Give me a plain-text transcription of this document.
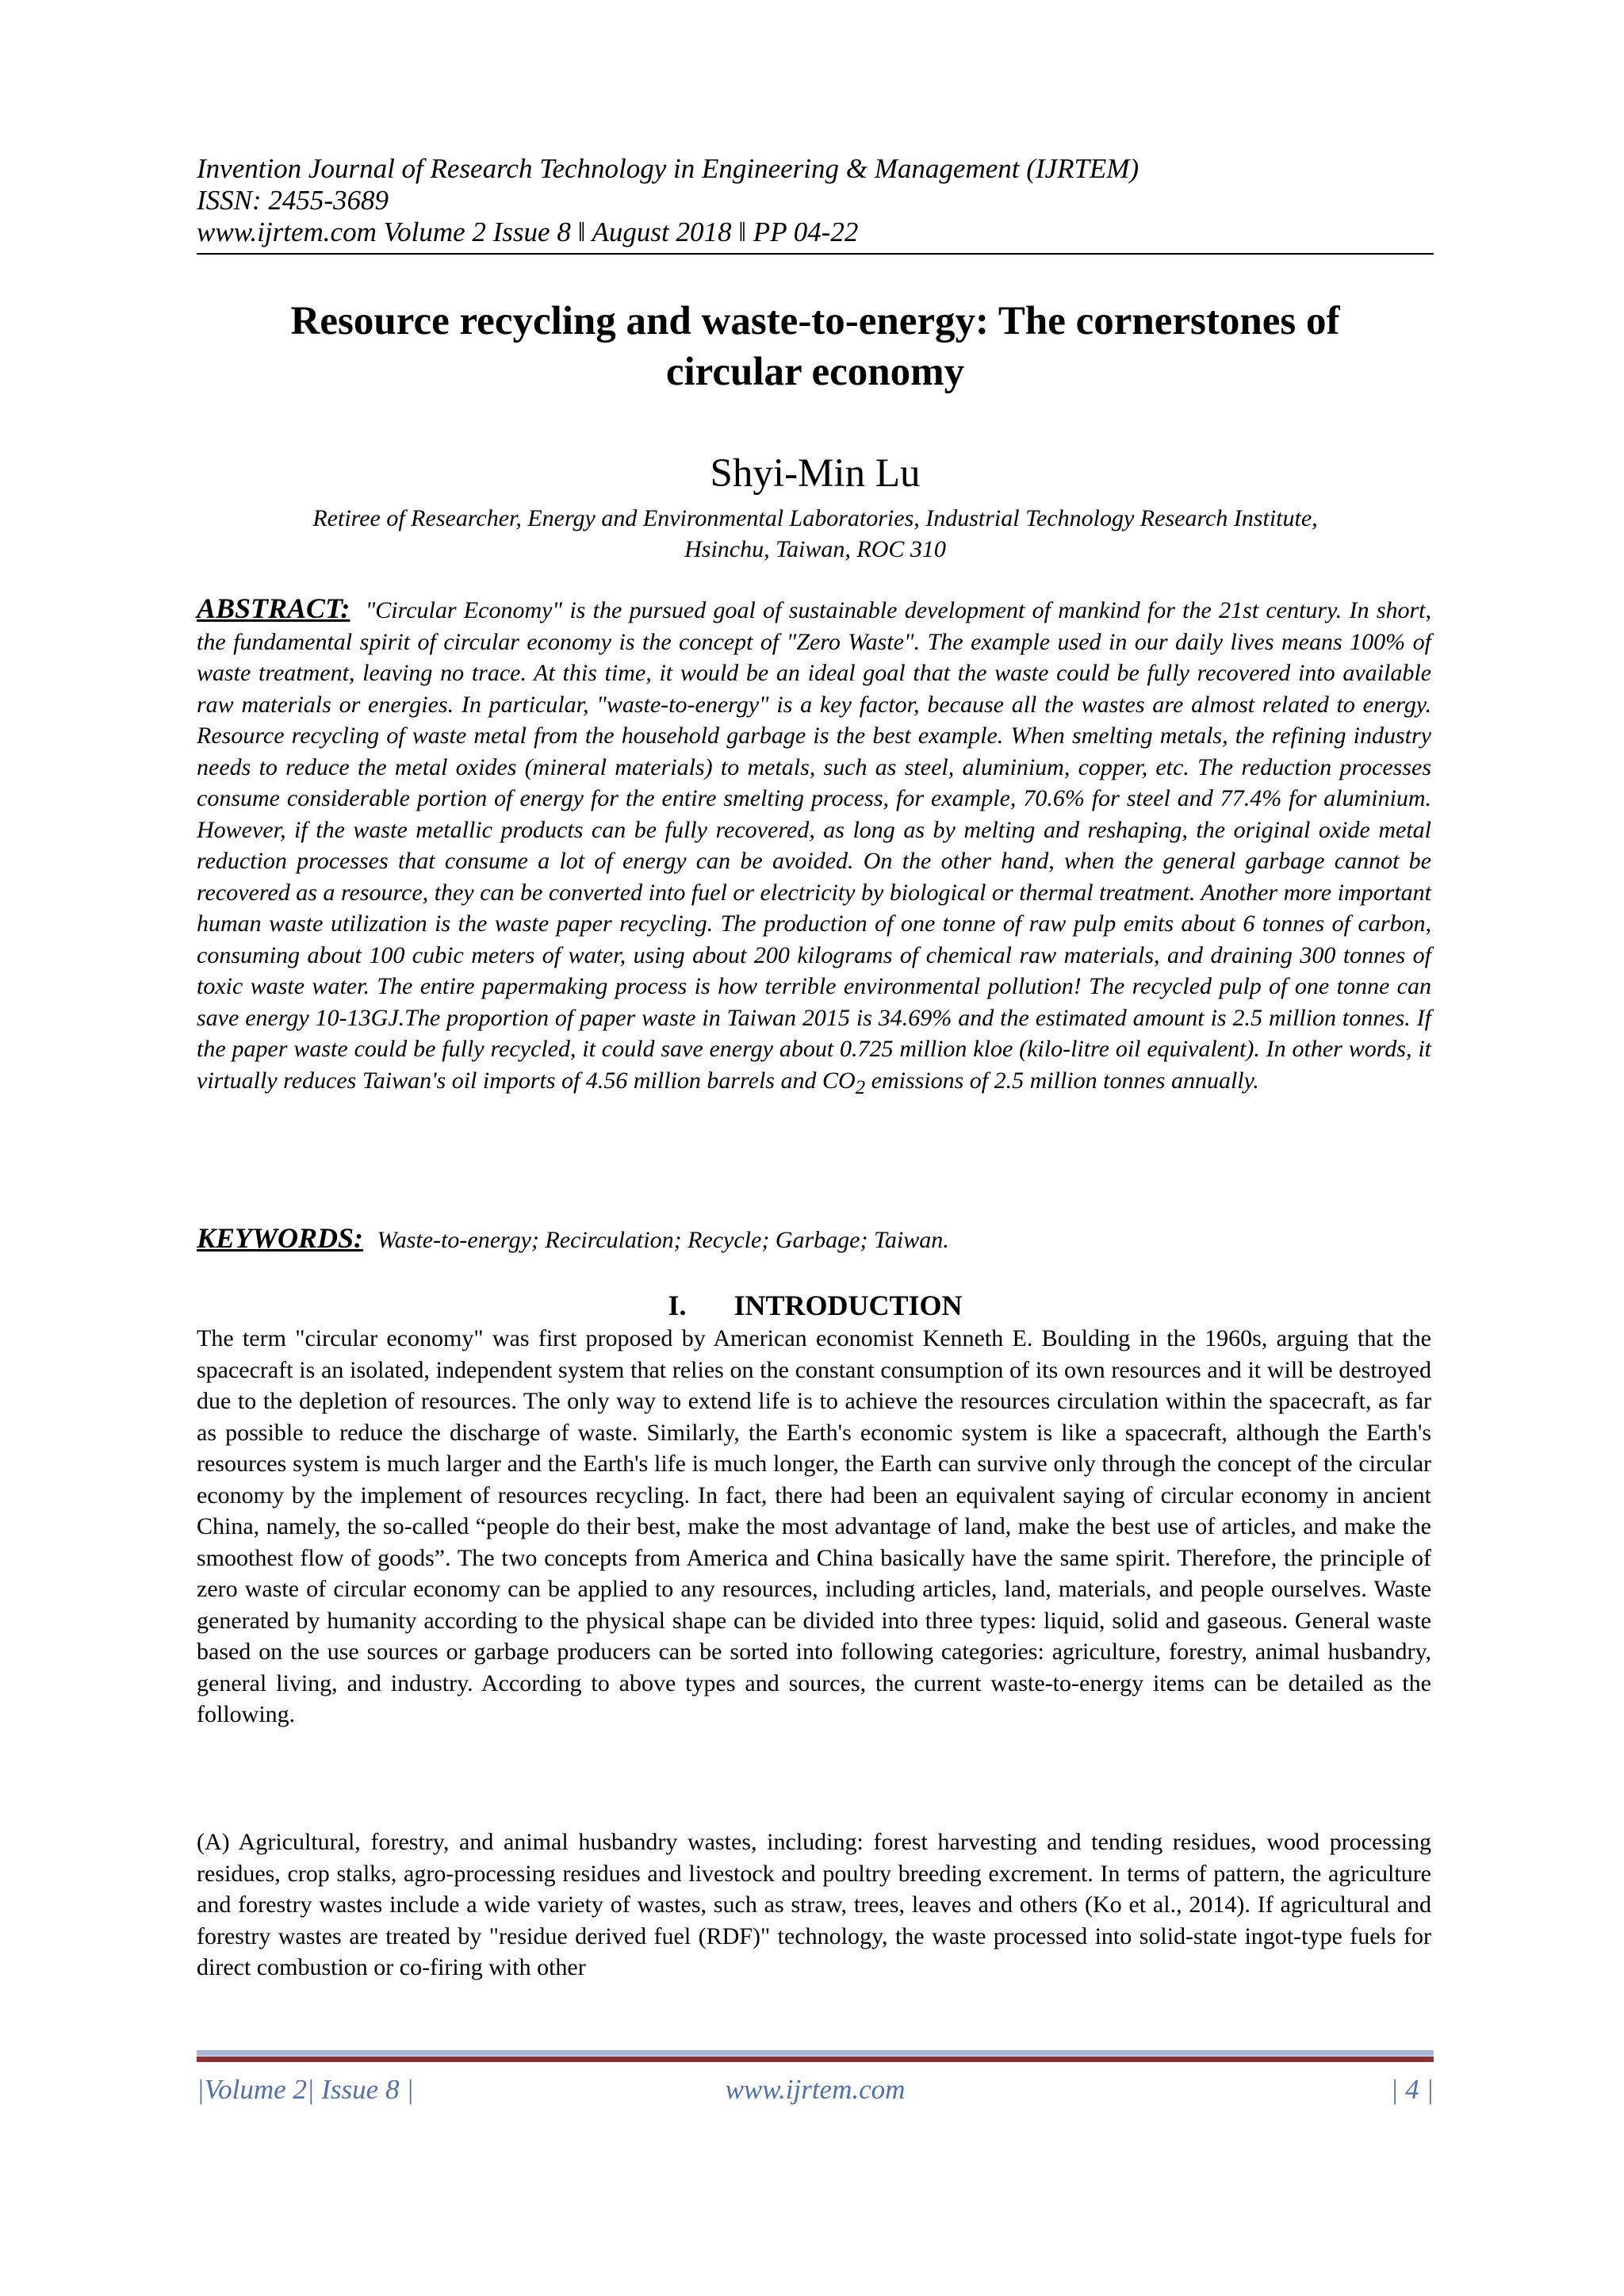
Invention Journal of Research Technology in Engineering & Management (IJRTEM)
ISSN: 2455-3689
www.ijrtem.com Volume 2 Issue 8 ǁ August 2018 ǁ PP 04-22
Resource recycling and waste-to-energy: The cornerstones of
circular economy
Shyi-Min Lu
Retiree of Researcher, Energy and Environmental Laboratories, Industrial Technology Research Institute,
Hsinchu, Taiwan, ROC 310
ABSTRACT: "Circular Economy" is the pursued goal of sustainable development of mankind for the 21st century. In short, the fundamental spirit of circular economy is the concept of "Zero Waste". The example used in our daily lives means 100% of waste treatment, leaving no trace. At this time, it would be an ideal goal that the waste could be fully recovered into available raw materials or energies. In particular, "waste-to-energy" is a key factor, because all the wastes are almost related to energy. Resource recycling of waste metal from the household garbage is the best example. When smelting metals, the refining industry needs to reduce the metal oxides (mineral materials) to metals, such as steel, aluminium, copper, etc. The reduction processes consume considerable portion of energy for the entire smelting process, for example, 70.6% for steel and 77.4% for aluminium. However, if the waste metallic products can be fully recovered, as long as by melting and reshaping, the original oxide metal reduction processes that consume a lot of energy can be avoided. On the other hand, when the general garbage cannot be recovered as a resource, they can be converted into fuel or electricity by biological or thermal treatment. Another more important human waste utilization is the waste paper recycling. The production of one tonne of raw pulp emits about 6 tonnes of carbon, consuming about 100 cubic meters of water, using about 200 kilograms of chemical raw materials, and draining 300 tonnes of toxic waste water. The entire papermaking process is how terrible environmental pollution! The recycled pulp of one tonne can save energy 10-13GJ.The proportion of paper waste in Taiwan 2015 is 34.69% and the estimated amount is 2.5 million tonnes. If the paper waste could be fully recycled, it could save energy about 0.725 million kloe (kilo-litre oil equivalent). In other words, it virtually reduces Taiwan's oil imports of 4.56 million barrels and $CO_2$ emissions of 2.5 million tonnes annually.
KEYWORDS: Waste-to-energy; Recirculation; Recycle; Garbage; Taiwan.
I. INTRODUCTION
The term "circular economy" was first proposed by American economist Kenneth E. Boulding in the 1960s, arguing that the spacecraft is an isolated, independent system that relies on the constant consumption of its own resources and it will be destroyed due to the depletion of resources. The only way to extend life is to achieve the resources circulation within the spacecraft, as far as possible to reduce the discharge of waste. Similarly, the Earth's economic system is like a spacecraft, although the Earth's resources system is much larger and the Earth's life is much longer, the Earth can survive only through the concept of the circular economy by the implement of resources recycling. In fact, there had been an equivalent saying of circular economy in ancient China, namely, the so-called “people do their best, make the most advantage of land, make the best use of articles, and make the smoothest flow of goods”. The two concepts from America and China basically have the same spirit. Therefore, the principle of zero waste of circular economy can be applied to any resources, including articles, land, materials, and people ourselves. Waste generated by humanity according to the physical shape can be divided into three types: liquid, solid and gaseous. General waste based on the use sources or garbage producers can be sorted into following categories: agriculture, forestry, animal husbandry, general living, and industry. According to above types and sources, the current waste-to-energy items can be detailed as the following.
(A) Agricultural, forestry, and animal husbandry wastes, including: forest harvesting and tending residues, wood processing residues, crop stalks, agro-processing residues and livestock and poultry breeding excrement. In terms of pattern, the agriculture and forestry wastes include a wide variety of wastes, such as straw, trees, leaves and others (Ko et al., 2014). If agricultural and forestry wastes are treated by "residue derived fuel (RDF)" technology, the waste processed into solid-state ingot-type fuels for direct combustion or co-firing with other
|Volume 2| Issue 8 |	www.ijrtem.com	| 4 |
